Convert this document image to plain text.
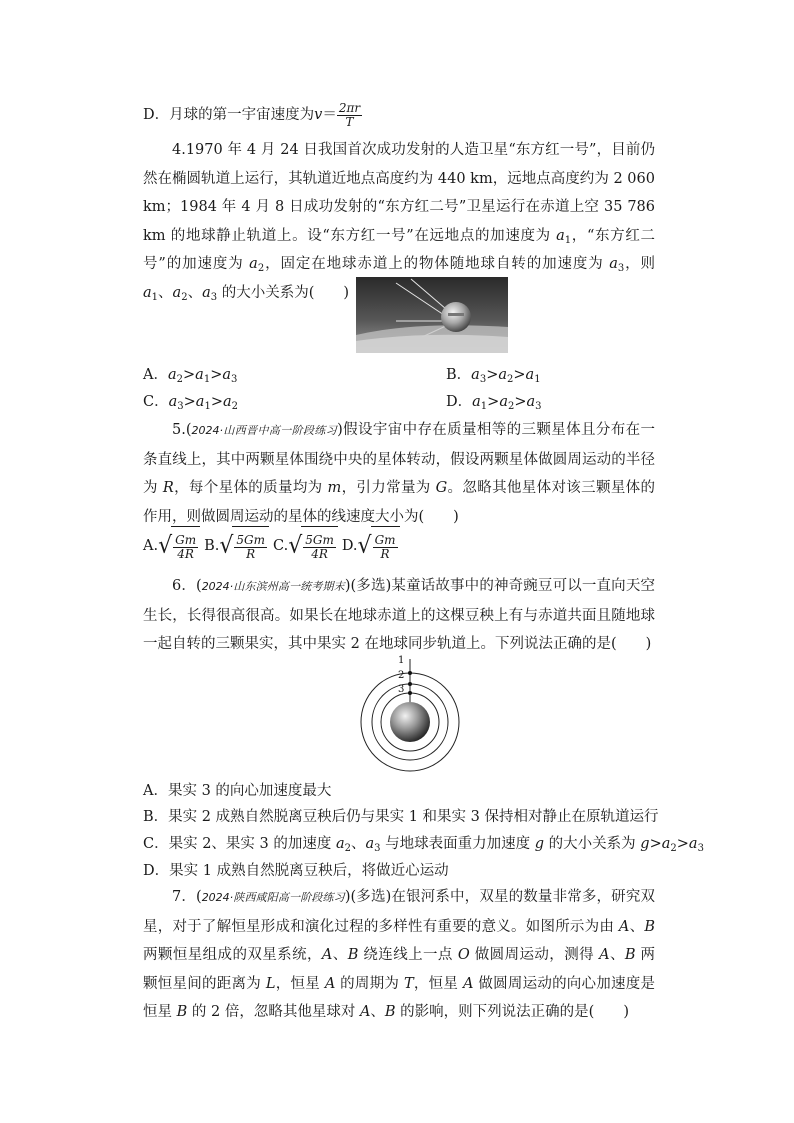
D．月球的第一宇宙速度为$v= \frac{2\pi r}{T}$
4.1970 年 4 月 24 日我国首次成功发射的人造卫星“东方红一号”，目前仍然在椭圆轨道上运行，其轨道近地点高度约为 440 km，远地点高度约为 2 060 km；1984 年 4 月 8 日成功发射的“东方红二号”卫星运行在赤道上空 35 786 km 的地球静止轨道上。设“东方红一号”在远地点的加速度为 $a_1$，“东方红二号”的加速度为 $a_2$，固定在地球赤道上的物体随地球自转的加速度为 $a_3$，则 $a_1$、$a_2$、$a_3$ 的大小关系为(　　)
A．$a_2>a_1>a_3$	B．$a_3>a_2>a_1$
C．$a_3>a_1>a_2$	D．$a_1>a_2>a_3$
5.(2024·山西晋中高一阶段练习)假设宇宙中存在质量相等的三颗星体且分布在一条直线上，其中两颗星体围绕中央的星体转动，假设两颗星体做圆周运动的半径为 R，每个星体的质量均为 m，引力常量为 G。忽略其他星体对该三颗星体的作用，则做圆周运动的星体的线速度大小为(　　)
A. √ $\frac{Gm}{4R} B$. √ $\frac{5Gm}{R} C$. √ $\frac{5Gm}{4R} D$. √ $\frac{Gm}{R}$
6．(2024·山东滨州高一统考期末)(多选)某童话故事中的神奇豌豆可以一直向天空生长，长得很高很高。如果长在地球赤道上的这棵豆秧上有与赤道共面且随地球一起自转的三颗果实，其中果实 2 在地球同步轨道上。下列说法正确的是(　　)
1
2
3
A．果实 3 的向心加速度最大
B．果实 2 成熟自然脱离豆秧后仍与果实 1 和果实 3 保持相对静止在原轨道运行
C．果实 2、果实 3 的加速度 $a_2$、$a_3$ 与地球表面重力加速度 g 的大小关系为 $g>a_2>a_3$
D．果实 1 成熟自然脱离豆秧后，将做近心运动
7．(2024·陕西咸阳高一阶段练习)(多选)在银河系中，双星的数量非常多，研究双星，对于了解恒星形成和演化过程的多样性有重要的意义。如图所示为由 A、B 两颗恒星组成的双星系统，A、B 绕连线上一点 O 做圆周运动，测得 A、B 两颗恒星间的距离为 L，恒星 A 的周期为 T，恒星 A 做圆周运动的向心加速度是恒星 B 的 2 倍，忽略其他星球对 A、B 的影响，则下列说法正确的是(　　)
